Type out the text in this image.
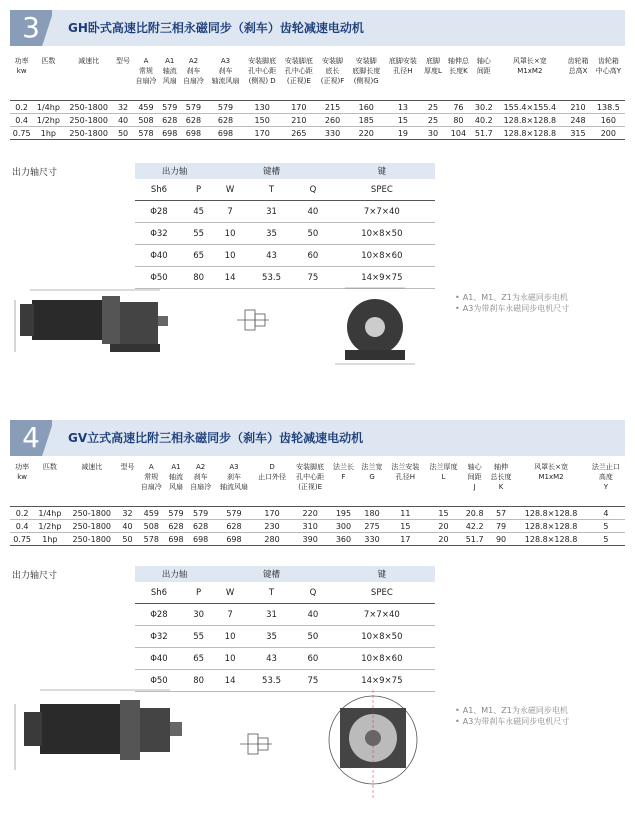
3	GH卧式高速比附三相永磁同步（刹车）齿轮减速电动机
功率
kw	匹数	减速比	型号	A
常规
自扇冷	A1
轴流
风扇	A2
刹车
自扇冷	A3
刹车
轴流风扇	安装脚底
孔中心距
(侧视) D	安装脚底
孔中心距
(正视)E	安装脚
底长
(正视)F	安装脚
底脚长度
(侧视)G	底脚安装
孔径H	底脚
厚度L	轴伸总
长度K	轴心
间距	风罩长×宽
M1xM2	齿轮箱
总高X	齿轮箱
中心高Y
0.2	1/4hp	250-1800	32	459	579	579	579	130	170	215	160	13	25	76	30.2	155.4×155.4	210	138.5
0.4	1/2hp	250-1800	40	508	628	628	628	150	210	260	185	15	25	80	40.2	128.8×128.8	248	160
0.75	1hp	250-1800	50	578	698	698	698	170	265	330	220	19	30	104	51.7	128.8×128.8	315	200
出力轴尺寸	出力轴		键槽			键
Sh6	P	W	T	Q	SPEC
Φ28	45	7	31	40	7×7×40
Φ32	55	10	35	50	10×8×50
Φ40	65	10	43	60	10×8×60
Φ50	80	14	53.5	75	14×9×75
• A1、M1、Z1为永磁同步电机
• A3为带刹车永磁同步电机尺寸
4	GV立式高速比附三相永磁同步（刹车）齿轮减速电动机
功率
kw	匹数	减速比	型号	A
常规
自扇冷	A1
轴流
风扇	A2
刹车
自扇冷	A3
刹车
轴流风扇	D
止口外径	安装脚底
孔中心距
(正视)E	法兰长
F	法兰宽
G	法兰安装
孔径H	法兰厚度
L	轴心
间距
J	轴伸
总长度
K	风罩长×宽
M1xM2	法兰止口
高度
Y
0.2	1/4hp	250-1800	32	459	579	579	579	170	220	195	180	11	15	20.8	57	128.8×128.8	4
0.4	1/2hp	250-1800	40	508	628	628	628	230	310	300	275	15	20	42.2	79	128.8×128.8	5
0.75	1hp	250-1800	50	578	698	698	698	280	390	360	330	17	20	51.7	90	128.8×128.8	5
出力轴尺寸	出力轴		键槽			键
Sh6	P	W	T	Q	SPEC
Φ28	30	7	31	40	7×7×40
Φ32	55	10	35	50	10×8×50
Φ40	65	10	43	60	10×8×60
Φ50	80	14	53.5	75	14×9×75
• A1、M1、Z1为永磁同步电机
• A3为带刹车永磁同步电机尺寸
